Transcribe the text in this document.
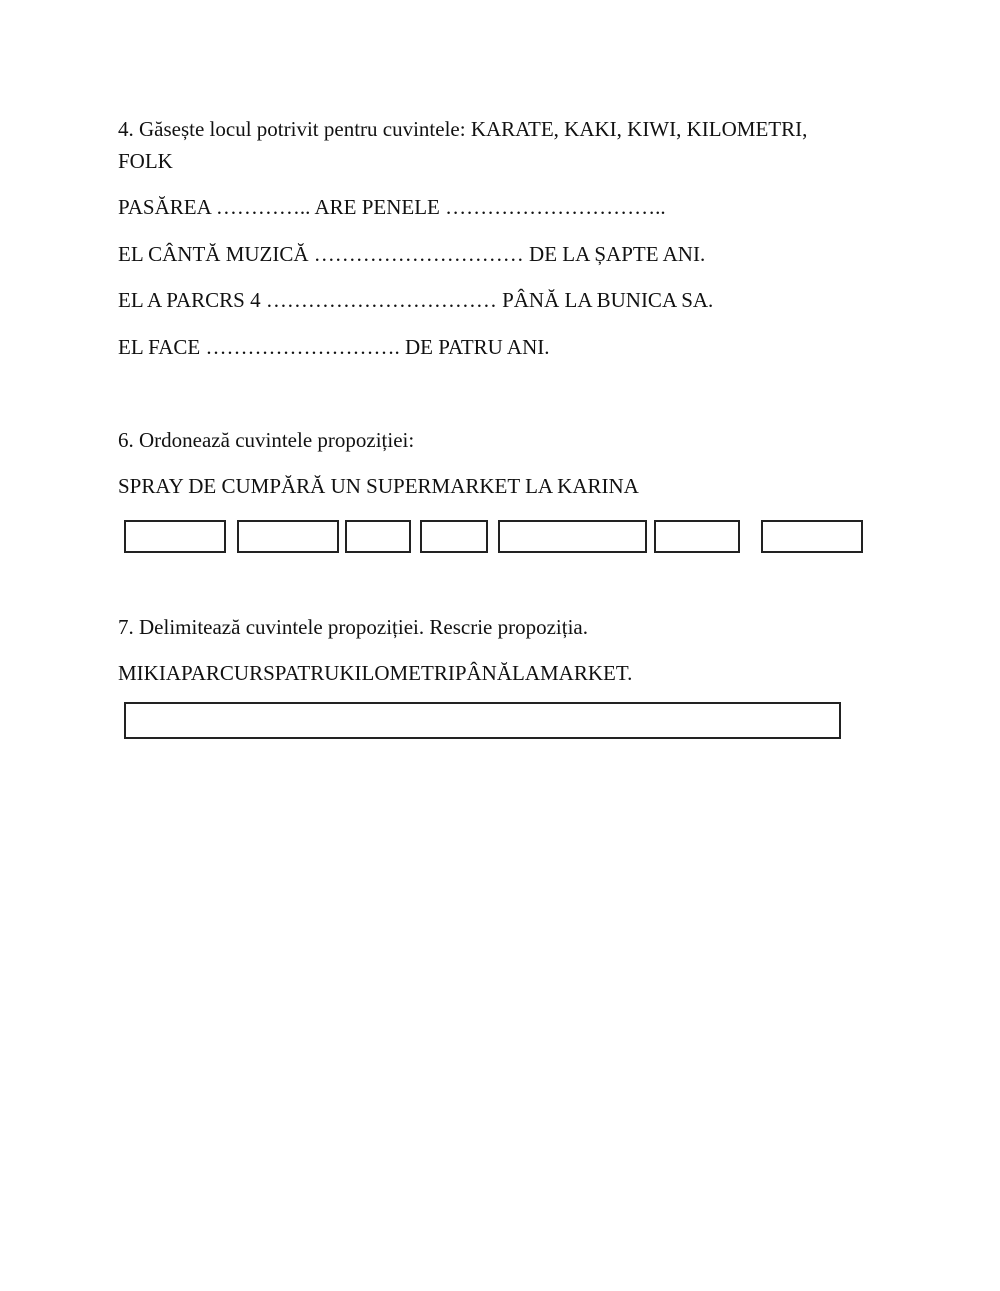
4. Găsește locul potrivit pentru cuvintele: KARATE, KAKI, KIWI, KILOMETRI,
FOLK
PASĂREA ………….. ARE PENELE …………………………..
EL CÂNTĂ MUZICĂ ………………………… DE LA ȘAPTE ANI.
EL A PARCRS 4 …………………………… PÂNĂ LA BUNICA SA.
EL FACE ………………………. DE PATRU ANI.
6. Ordonează cuvintele propoziției:
SPRAY DE CUMPĂRĂ UN SUPERMARKET LA KARINA
7. Delimitează cuvintele propoziției. Rescrie propoziția.
MIKIAPARCURSPATRUKILOMETRIPÂNĂLAMARKET.
